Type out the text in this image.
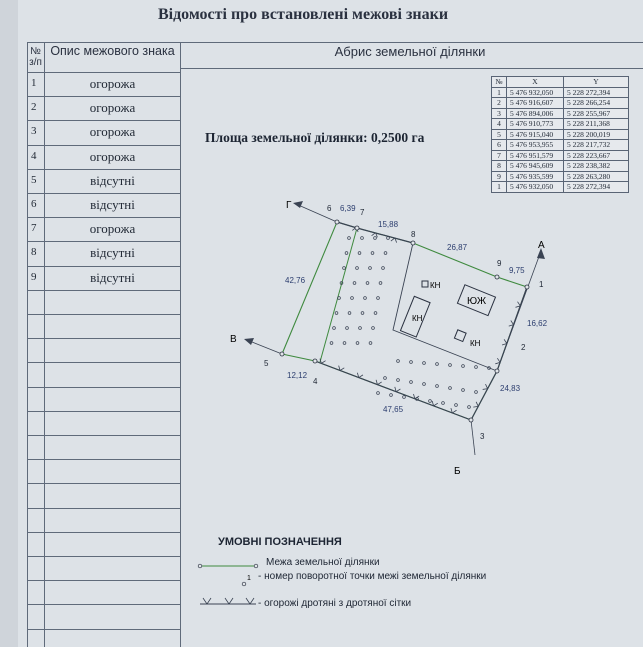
Відомості про встановлені межові знаки
№ з/п
Опис межового знака	Абрис земельної ділянки
1	огорожа
2	огорожа
3	огорожа
4	огорожа
5	відсутні
6	відсутні
7	огорожа
8	відсутні
9	відсутні
Площа земельної ділянки: 0,2500 га
№	X	Y
1	5 476 932,050	5 228 272,394
2	5 476 916,607	5 228 266,254
3	5 476 894,006	5 228 255,967
4	5 476 910,773	5 228 211,368
5	5 476 915,040	5 228 200,019
6	5 476 953,955	5 228 217,732
7	5 476 951,579	5 228 223,667
8	5 476 945,609	5 228 238,382
9	5 476 935,599	5 228 263,280
1	5 476 932,050	5 228 272,394
ЮЖ
КН
КН
КН
А
Б
В
Г
1
2
3
4
5
6	7
8
9
6,39
15,88
26,87
9,75
16,62
24,83
47,65
12,12
42,76
1
УМОВНІ ПОЗНАЧЕННЯ
Межа земельної ділянки
- номер поворотної точки межі земельної ділянки
- огорожі дротяні з дротяної сітки
